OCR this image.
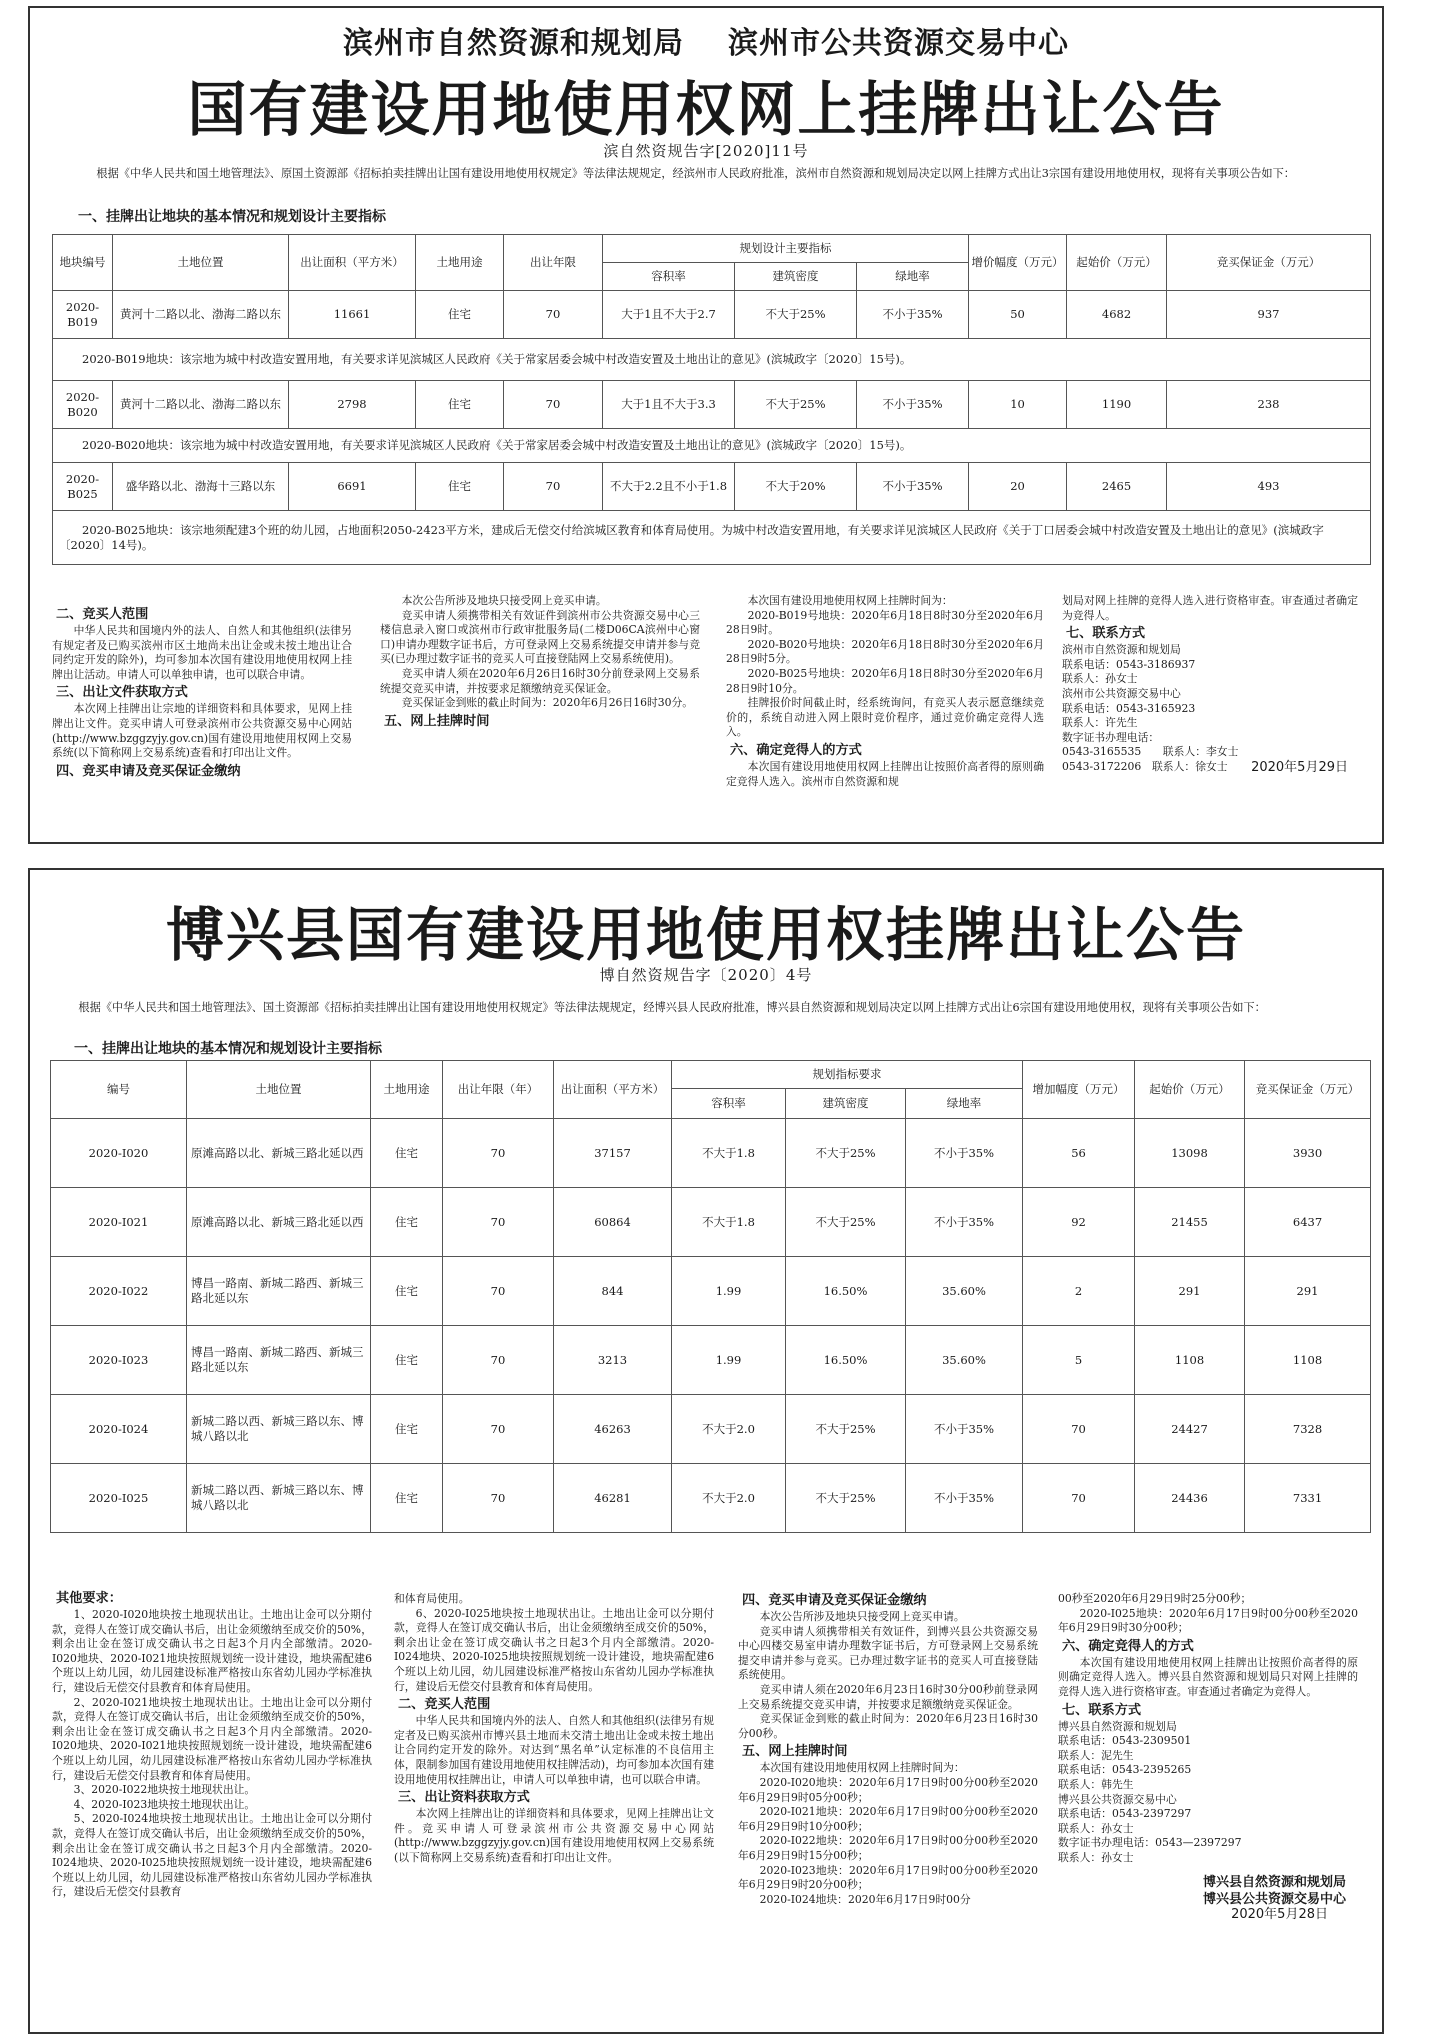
滨州市自然资源和规划局 滨州市公共资源交易中心
国有建设用地使用权网上挂牌出让公告
滨自然资规告字[2020]11号
根据《中华人民共和国土地管理法》、原国土资源部《招标拍卖挂牌出让国有建设用地使用权规定》等法律法规规定，经滨州市人民政府批准，滨州市自然资源和规划局决定以网上挂牌方式出让3宗国有建设用地使用权，现将有关事项公告如下：
一、挂牌出让地块的基本情况和规划设计主要指标
地块编号	土地位置	出让面积（平方米）	土地用途	出让年限	规划设计主要指标			增价幅度（万元）	起始价（万元）	竞买保证金（万元）
					容积率	建筑密度	绿地率			
2020-B019	黄河十二路以北、渤海二路以东	11661	住宅	70	大于1且不大于2.7	不大于25%	不小于35%	50	4682	937
2020-B019地块：该宗地为城中村改造安置用地，有关要求详见滨城区人民政府《关于常家居委会城中村改造安置及土地出让的意见》(滨城政字〔2020〕15号)。										
2020-B020	黄河十二路以北、渤海二路以东	2798	住宅	70	大于1且不大于3.3	不大于25%	不小于35%	10	1190	238
2020-B020地块：该宗地为城中村改造安置用地，有关要求详见滨城区人民政府《关于常家居委会城中村改造安置及土地出让的意见》(滨城政字〔2020〕15号)。										
2020-B025	盛华路以北、渤海十三路以东	6691	住宅	70	不大于2.2且不小于1.8	不大于20%	不小于35%	20	2465	493
2020-B025地块：该宗地须配建3个班的幼儿园，占地面积2050-2423平方米，建成后无偿交付给滨城区教育和体育局使用。为城中村改造安置用地，有关要求详见滨城区人民政府《关于丁口居委会城中村改造安置及土地出让的意见》(滨城政字〔2020〕14号)。										
二、竞买人范围

中华人民共和国境内外的法人、自然人和其他组织(法律另有规定者及已购买滨州市区土地尚未出让金或未按土地出让合同约定开发的除外)，均可参加本次国有建设用地使用权网上挂牌出让活动。申请人可以单独申请，也可以联合申请。

三、出让文件获取方式

本次网上挂牌出让宗地的详细资料和具体要求，见网上挂牌出让文件。竞买申请人可登录滨州市公共资源交易中心网站(http://www.bzggzyjy.gov.cn)国有建设用地使用权网上交易系统(以下简称网上交易系统)查看和打印出让文件。

四、竞买申请及竞买保证金缴纳

本次公告所涉及地块只接受网上竞买申请。

竞买申请人须携带相关有效证件到滨州市公共资源交易中心三楼信息录入窗口或滨州市行政审批服务局(二楼D06CA滨州中心窗口)申请办理数字证书后，方可登录网上交易系统提交申请并参与竞买(已办理过数字证书的竞买人可直接登陆网上交易系统使用)。

竞买申请人须在2020年6月26日16时30分前登录网上交易系统提交竞买申请，并按要求足额缴纳竞买保证金。

竞买保证金到账的截止时间为：2020年6月26日16时30分。

五、网上挂牌时间

本次国有建设用地使用权网上挂牌时间为：

2020-B019号地块：2020年6月18日8时30分至2020年6月28日9时。

2020-B020号地块：2020年6月18日8时30分至2020年6月28日9时5分。

2020-B025号地块：2020年6月18日8时30分至2020年6月28日9时10分。

挂牌报价时间截止时，经系统询问，有竞买人表示愿意继续竞价的，系统自动进入网上限时竞价程序，通过竞价确定竞得人选入。

六、确定竞得人的方式

本次国有建设用地使用权网上挂牌出让按照价高者得的原则确定竞得人选入。滨州市自然资源和规

划局对网上挂牌的竞得人选入进行资格审查。审查通过者确定为竞得人。

七、联系方式

滨州市自然资源和规划局

联系电话：0543-3186937

联系人：孙女士

滨州市公共资源交易中心

联系电话：0543-3165923

联系人：许先生

数字证书办理电话：

0543-3165535　　联系人：李女士

0543-3172206　联系人：徐女士	2020年5月29日

博兴县国有建设用地使用权挂牌出让公告
博自然资规告字〔2020〕4号
根据《中华人民共和国土地管理法》、国土资源部《招标拍卖挂牌出让国有建设用地使用权规定》等法律法规规定，经博兴县人民政府批准，博兴县自然资源和规划局决定以网上挂牌方式出让6宗国有建设用地使用权，现将有关事项公告如下：
一、挂牌出让地块的基本情况和规划设计主要指标
编号	土地位置	土地用途	出让年限（年）	出让面积（平方米）	规划指标要求			增加幅度（万元）	起始价（万元）	竞买保证金（万元）
					容积率	建筑密度	绿地率			
2020-I020	原滩高路以北、新城三路北延以西	住宅	70	37157	不大于1.8	不大于25%	不小于35%	56	13098	3930
2020-I021	原滩高路以北、新城三路北延以西	住宅	70	60864	不大于1.8	不大于25%	不小于35%	92	21455	6437
2020-I022	博昌一路南、新城二路西、新城三路北延以东	住宅	70	844	1.99	16.50%	35.60%	2	291	291
2020-I023	博昌一路南、新城二路西、新城三路北延以东	住宅	70	3213	1.99	16.50%	35.60%	5	1108	1108
2020-I024	新城二路以西、新城三路以东、博城八路以北	住宅	70	46263	不大于2.0	不大于25%	不小于35%	70	24427	7328
2020-I025	新城二路以西、新城三路以东、博城八路以北	住宅	70	46281	不大于2.0	不大于25%	不小于35%	70	24436	7331
其他要求：

1、2020-I020地块按土地现状出让。土地出让金可以分期付款，竞得人在签订成交确认书后，出让金须缴纳至成交价的50%，剩余出让金在签订成交确认书之日起3个月内全部缴清。2020-I020地块、2020-I021地块按照规划统一设计建设，地块需配建6个班以上幼儿园，幼儿园建设标准严格按山东省幼儿园办学标准执行，建设后无偿交付县教育和体育局使用。

2、2020-I021地块按土地现状出让。土地出让金可以分期付款，竞得人在签订成交确认书后，出让金须缴纳至成交价的50%，剩余出让金在签订成交确认书之日起3个月内全部缴清。2020-I020地块、2020-I021地块按照规划统一设计建设，地块需配建6个班以上幼儿园，幼儿园建设标准严格按山东省幼儿园办学标准执行，建设后无偿交付县教育和体育局使用。

3、2020-I022地块按土地现状出让。

4、2020-I023地块按土地现状出让。

5、2020-I024地块按土地现状出让。土地出让金可以分期付款，竞得人在签订成交确认书后，出让金须缴纳至成交价的50%，剩余出让金在签订成交确认书之日起3个月内全部缴清。2020-I024地块、2020-I025地块按照规划统一设计建设，地块需配建6个班以上幼儿园，幼儿园建设标准严格按山东省幼儿园办学标准执行，建设后无偿交付县教育

和体育局使用。

6、2020-I025地块按土地现状出让。土地出让金可以分期付款，竞得人在签订成交确认书后，出让金须缴纳至成交价的50%，剩余出让金在签订成交确认书之日起3个月内全部缴清。2020-I024地块、2020-I025地块按照规划统一设计建设，地块需配建6个班以上幼儿园，幼儿园建设标准严格按山东省幼儿园办学标准执行，建设后无偿交付县教育和体育局使用。

二、竞买人范围

中华人民共和国境内外的法人、自然人和其他组织(法律另有规定者及已购买滨州市博兴县土地而未交清土地出让金或未按土地出让合同约定开发的除外。对达到“黑名单”认定标准的不良信用主体，限制参加国有建设用地使用权挂牌活动)，均可参加本次国有建设用地使用权挂牌出让，申请人可以单独申请，也可以联合申请。

三、出让资料获取方式

本次网上挂牌出让的详细资料和具体要求，见网上挂牌出让文件。竞买申请人可登录滨州市公共资源交易中心网站(http://www.bzggzyjy.gov.cn)国有建设用地使用权网上交易系统(以下简称网上交易系统)查看和打印出让文件。

四、竞买申请及竞买保证金缴纳

本次公告所涉及地块只接受网上竞买申请。

竞买申请人须携带相关有效证件，到博兴县公共资源交易中心四楼交易室申请办理数字证书后，方可登录网上交易系统提交申请并参与竞买。已办理过数字证书的竞买人可直接登陆系统使用。

竞买申请人须在2020年6月23日16时30分00秒前登录网上交易系统提交竞买申请，并按要求足额缴纳竞买保证金。

竞买保证金到账的截止时间为：2020年6月23日16时30分00秒。

五、网上挂牌时间

本次国有建设用地使用权网上挂牌时间为：

2020-I020地块：2020年6月17日9时00分00秒至2020年6月29日9时05分00秒；

2020-I021地块：2020年6月17日9时00分00秒至2020年6月29日9时10分00秒；

2020-I022地块：2020年6月17日9时00分00秒至2020年6月29日9时15分00秒；

2020-I023地块：2020年6月17日9时00分00秒至2020年6月29日9时20分00秒；

2020-I024地块：2020年6月17日9时00分

00秒至2020年6月29日9时25分00秒；

2020-I025地块：2020年6月17日9时00分00秒至2020年6月29日9时30分00秒；

六、确定竞得人的方式

本次国有建设用地使用权网上挂牌出让按照价高者得的原则确定竞得人选入。博兴县自然资源和规划局只对网上挂牌的竞得人选入进行资格审查。审查通过者确定为竞得人。

七、联系方式

博兴县自然资源和规划局

联系电话：0543-2309501

联系人：泥先生

联系电话：0543-2395265

联系人：韩先生

博兴县公共资源交易中心

联系电话：0543-2397297

联系人：孙女士

数字证书办理电话：0543—2397297

联系人：孙女士

博兴县自然资源和规划局

博兴县公共资源交易中心

2020年5月28日
